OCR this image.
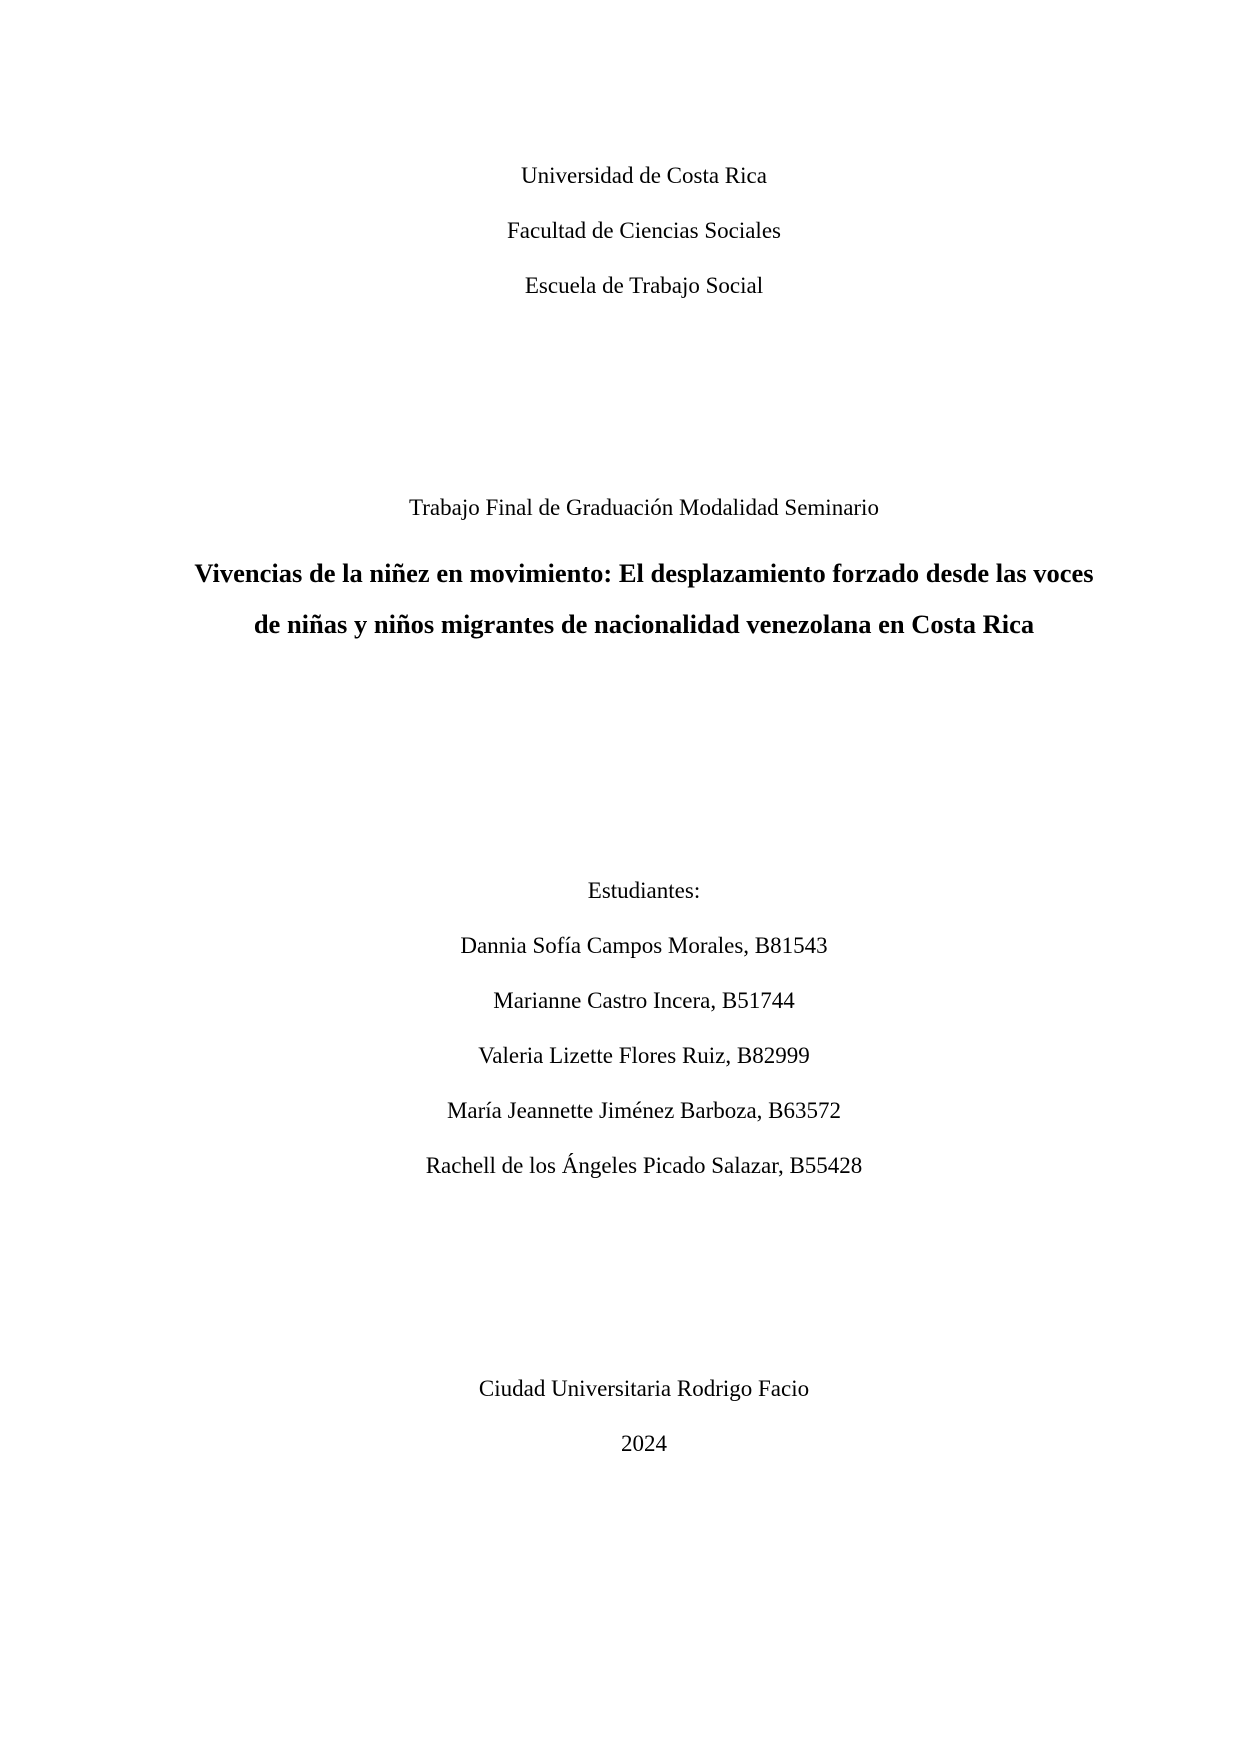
Universidad de Costa Rica
Facultad de Ciencias Sociales
Escuela de Trabajo Social
Trabajo Final de Graduación Modalidad Seminario
Vivencias de la niñez en movimiento: El desplazamiento forzado desde las voces de niñas y niños migrantes de nacionalidad venezolana en Costa Rica
Estudiantes:
Dannia Sofía Campos Morales, B81543
Marianne Castro Incera, B51744
Valeria Lizette Flores Ruiz, B82999
María Jeannette Jiménez Barboza, B63572
Rachell de los Ángeles Picado Salazar, B55428
Ciudad Universitaria Rodrigo Facio
2024
